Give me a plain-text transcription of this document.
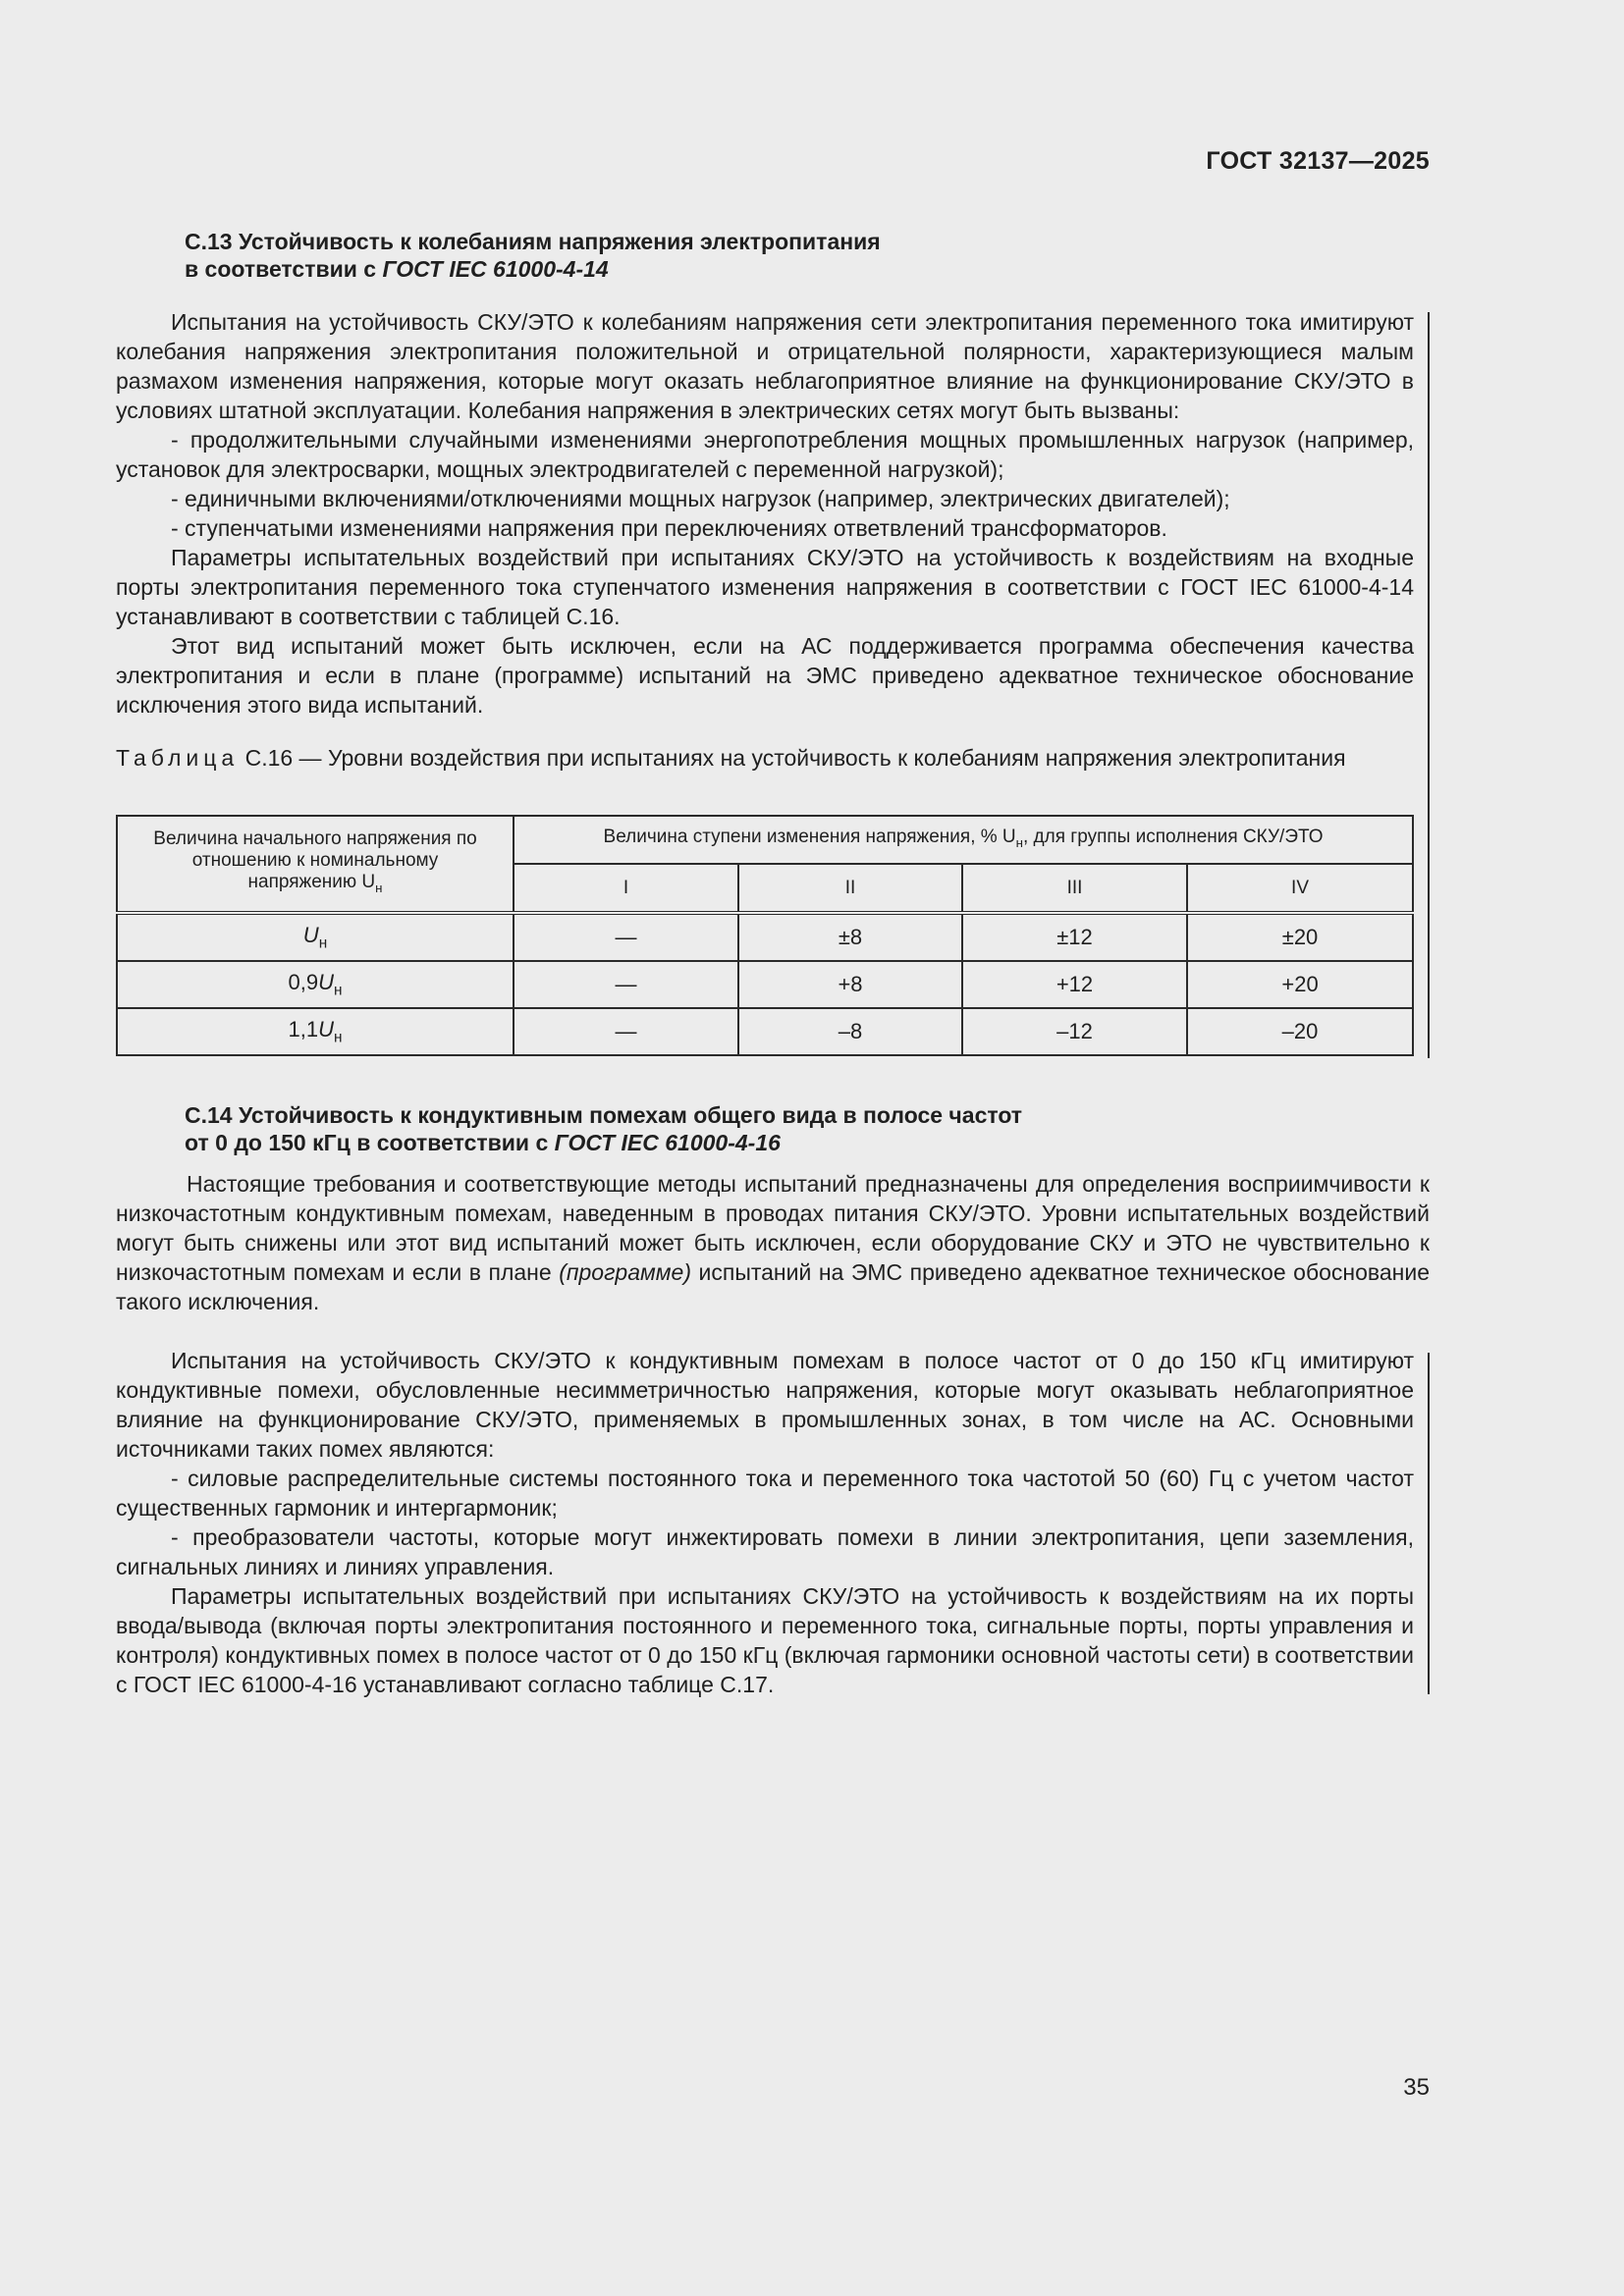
ГОСТ 32137—2025
С.13 Устойчивость к колебаниям напряжения электропитания
в соответствии с ГОСТ IEC 61000-4-14

Испытания на устойчивость СКУ/ЭТО к колебаниям напряжения сети электропитания переменного тока имитируют колебания напряжения электропитания положительной и отрицательной полярности, характеризующиеся малым размахом изменения напряжения, которые могут оказать неблагоприятное влияние на функционирование СКУ/ЭТО в условиях штатной эксплуатации. Колебания напряжения в электрических сетях могут быть вызваны:

- продолжительными случайными изменениями энергопотребления мощных промышленных нагрузок (например, установок для электросварки, мощных электродвигателей с переменной нагрузкой);

- единичными включениями/отключениями мощных нагрузок (например, электрических двигателей);

- ступенчатыми изменениями напряжения при переключениях ответвлений трансформаторов.

Параметры испытательных воздействий при испытаниях СКУ/ЭТО на устойчивость к воздействиям на входные порты электропитания переменного тока ступенчатого изменения напряжения в соответствии с ГОСТ IEC 61000-4-14 устанавливают в соответствии с таблицей С.16.

Этот вид испытаний может быть исключен, если на АС поддерживается программа обеспечения качества электропитания и если в плане (программе) испытаний на ЭМС приведено адекватное техническое обоснование исключения этого вида испытаний.

Таблица С.16 — Уровни воздействия при испытаниях на устойчивость к колебаниям напряжения электропитания
Величина начального напряжения по отношению к номинальному напряжению $U_н$	Величина ступени изменения напряжения, % $U_н$, для группы исполнения СКУ/ЭТО			
	I	II	III	IV
$U_н$	—	±8	±12	±20
$0,9U_н$	—	+8	+12	+20
$1,1U_н$	—	–8	–12	–20
С.14 Устойчивость к кондуктивным помехам общего вида в полосе частот
от 0 до 150 кГц в соответствии с ГОСТ IEC 61000-4-16

Настоящие требования и соответствующие методы испытаний предназначены для определения восприимчивости к низкочастотным кондуктивным помехам, наведенным в проводах питания СКУ/ЭТО. Уровни испытательных воздействий могут быть снижены или этот вид испытаний может быть исключен, если оборудование СКУ и ЭТО не чувствительно к низкочастотным помехам и если в плане (программе) испытаний на ЭМС приведено адекватное техническое обоснование такого исключения.

Испытания на устойчивость СКУ/ЭТО к кондуктивным помехам в полосе частот от 0 до 150 кГц имитируют кондуктивные помехи, обусловленные несимметричностью напряжения, которые могут оказывать неблагоприятное влияние на функционирование СКУ/ЭТО, применяемых в промышленных зонах, в том числе на АС. Основными источниками таких помех являются:

- силовые распределительные системы постоянного тока и переменного тока частотой 50 (60) Гц с учетом частот существенных гармоник и интергармоник;

- преобразователи частоты, которые могут инжектировать помехи в линии электропитания, цепи заземления, сигнальных линиях и линиях управления.

Параметры испытательных воздействий при испытаниях СКУ/ЭТО на устойчивость к воздействиям на их порты ввода/вывода (включая порты электропитания постоянного и переменного тока, сигнальные порты, порты управления и контроля) кондуктивных помех в полосе частот от 0 до 150 кГц (включая гармоники основной частоты сети) в соответствии с ГОСТ IEC 61000-4-16 устанавливают согласно таблице С.17.

35
